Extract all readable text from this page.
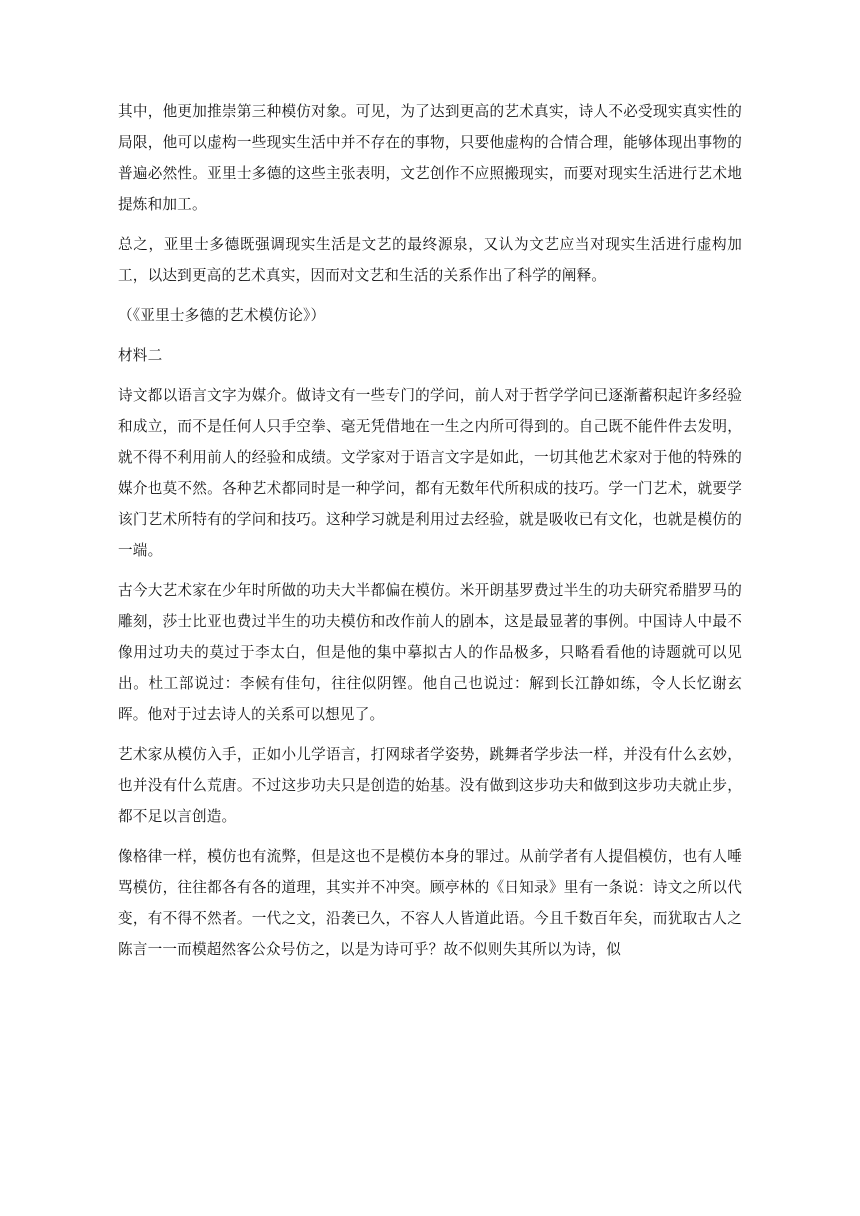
其中，他更加推崇第三种模仿对象。可见，为了达到更高的艺术真实，诗人不必受现实真实性的局限，他可以虚构一些现实生活中并不存在的事物，只要他虚构的合情合理，能够体现出事物的普遍必然性。亚里士多德的这些主张表明，文艺创作不应照搬现实，而要对现实生活进行艺术地提炼和加工。

总之，亚里士多德既强调现实生活是文艺的最终源泉，又认为文艺应当对现实生活进行虚构加工，以达到更高的艺术真实，因而对文艺和生活的关系作出了科学的阐释。

（《亚里士多德的艺术模仿论》）

材料二

诗文都以语言文字为媒介。做诗文有一些专门的学问，前人对于哲学学问已逐渐蓄积起许多经验和成立，而不是任何人只手空拳、毫无凭借地在一生之内所可得到的。自己既不能件件去发明，就不得不利用前人的经验和成绩。文学家对于语言文字是如此，一切其他艺术家对于他的特殊的媒介也莫不然。各种艺术都同时是一种学问，都有无数年代所积成的技巧。学一门艺术，就要学该门艺术所特有的学问和技巧。这种学习就是利用过去经验，就是吸收已有文化，也就是模仿的一端。

古今大艺术家在少年时所做的功夫大半都偏在模仿。米开朗基罗费过半生的功夫研究希腊罗马的雕刻，莎士比亚也费过半生的功夫模仿和改作前人的剧本，这是最显著的事例。中国诗人中最不像用过功夫的莫过于李太白，但是他的集中摹拟古人的作品极多，只略看看他的诗题就可以见出。杜工部说过：李候有佳句，往往似阴铿。他自己也说过：解到长江静如练，令人长忆谢玄晖。他对于过去诗人的关系可以想见了。

艺术家从模仿入手，正如小儿学语言，打网球者学姿势，跳舞者学步法一样，并没有什么玄妙，也并没有什么荒唐。不过这步功夫只是创造的始基。没有做到这步功夫和做到这步功夫就止步，都不足以言创造。

像格律一样，模仿也有流弊，但是这也不是模仿本身的罪过。从前学者有人提倡模仿，也有人唾骂模仿，往往都各有各的道理，其实并不冲突。顾亭林的《日知录》里有一条说：诗文之所以代变，有不得不然者。一代之文，沿袭已久，不容人人皆道此语。今且千数百年矣，而犹取古人之陈言一一而模超然客公众号仿之，以是为诗可乎？故不似则失其所以为诗，似
